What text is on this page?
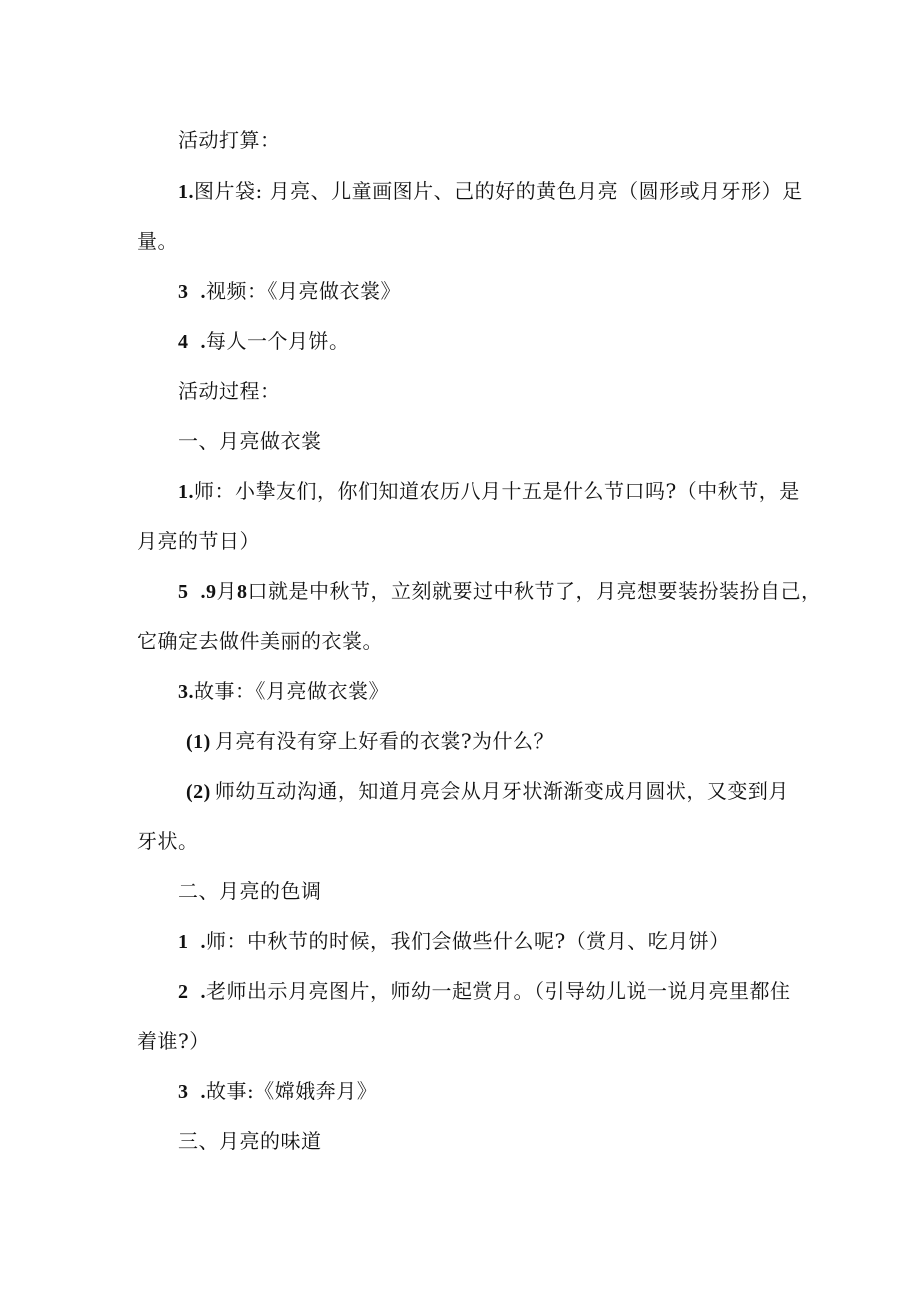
活动打算：
1.图片袋: 月亮、儿童画图片、己的好的黄色月亮（圆形或月牙形）足
量。
3 .视频：《月亮做衣裳》
4 .每人一个月饼。
活动过程：
一、月亮做衣裳
1.师：小挚友们，你们知道农历八月十五是什么节口吗?（中秋节，是
月亮的节日）
5 .9月8口就是中秋节，立刻就要过中秋节了，月亮想要装扮装扮自己，
它确定去做件美丽的衣裳。
3.故事：《月亮做衣裳》
(1) 月亮有没有穿上好看的衣裳?为什么？
(2) 师幼互动沟通，知道月亮会从月牙状渐渐变成月圆状，又变到月
牙状。
二、月亮的色调
1 .师：中秋节的时候，我们会做些什么呢?（赏月、吃月饼）
2 .老师出示月亮图片，师幼一起赏月。（引导幼儿说一说月亮里都住
着谁?）
3 .故事:《嫦娥奔月》
三、月亮的味道
